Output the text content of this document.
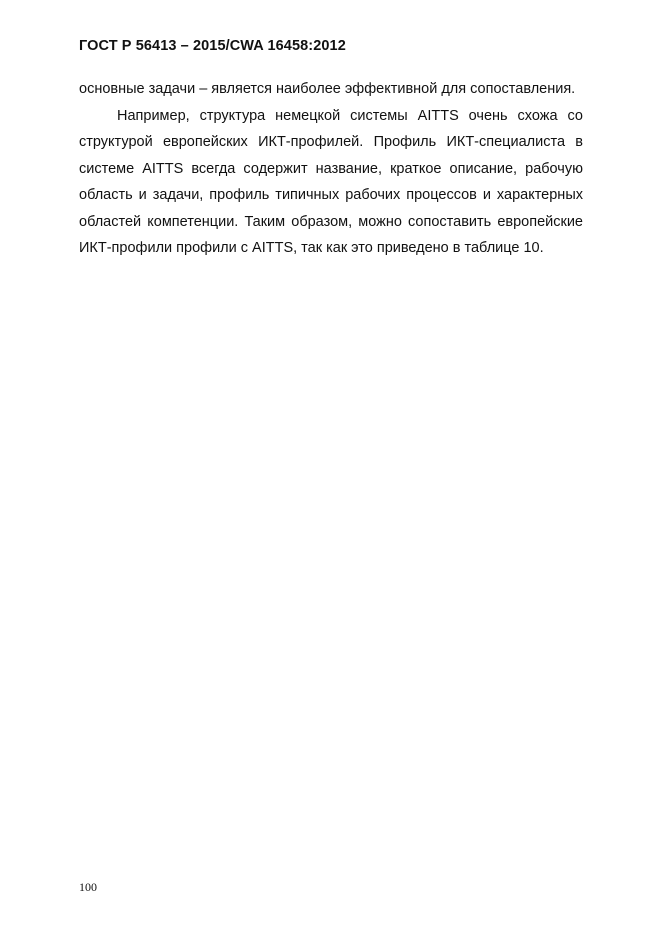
ГОСТ Р 56413 – 2015/CWA 16458:2012

основные задачи – является наиболее эффективной для сопоставления.

Например, структура немецкой системы AITTS очень схожа со структурой европейских ИКТ-профилей. Профиль ИКТ-специалиста в системе AITTS всегда содержит название, краткое описание, рабочую область и задачи, профиль типичных рабочих процессов и характерных областей компетенции. Таким образом, можно сопоставить европейские ИКТ-профили профили с AITTS, так как это приведено в таблице 10.

100
